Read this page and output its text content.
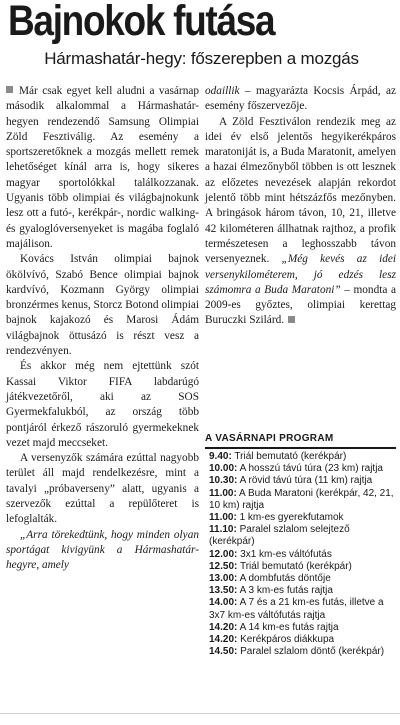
Bajnokok futása
Hármashatár-hegy: főszerepben a mozgás

Már csak egyet kell aludni a vasárnap második alkalommal a Hármashatár-hegyen rendezendő Samsung Olimpiai Zöld Fesztiválig. Az esemény a sportszeretőknek a mozgás mellett remek lehetőséget kínál arra is, hogy sikeres magyar sportolókkal találkozzanak. Ugyanis több olimpiai és világbajnokunk lesz ott a futó-, kerékpár-, nordic walking- és gyaloglóversenyeket is magába foglaló majálison.

Kovács István olimpiai bajnok ökölvívó, Szabó Bence olimpiai bajnok kardvívó, Kozmann György olimpiai bronzérmes kenus, Storcz Botond olimpiai bajnok kajakozó és Marosi Ádám világbajnok öttusázó is részt vesz a rendezvényen.

És akkor még nem ejtettünk szót Kassai Viktor FIFA labdarúgó játékvezetőről, aki az SOS Gyermekfalukból, az ország több pontjáról érkező rászoruló gyermekeknek vezet majd meccseket.

A versenyzők számára ezúttal nagyobb terület áll majd rendelkezésre, mint a tavalyi „próbaverseny” alatt, ugyanis a szervezők ezúttal a repülőteret is lefoglalták.

„Arra törekedtünk, hogy minden olyan sportágat kivigyünk a Hármashatár-hegyre, amely

odaillik – magyarázta Kocsis Árpád, az esemény főszervezője.

A Zöld Fesztiválon rendezik meg az idei év első jelentős hegyikerékpáros maratoniját is, a Buda Maratonit, amelyen a hazai élmezőnyből többen is ott lesznek az előzetes nevezések alapján rekordot jelentő több mint hétszázfős mezőnyben. A bringások három távon, 10, 21, illetve 42 kilométeren állhatnak rajthoz, a profik természetesen a leghosszabb távon versenyeznek. „Még kevés az idei versenykilométerem, jó edzés lesz számomra a Buda Maratoni” – mondta a 2009-es győztes, olimpiai kerettag Buruczki Szilárd.

A VASÁRNAPI PROGRAM
9.40: Triál bemutató (kerékpár)
10.00: A hosszú távú túra (23 km) rajtja
10.30: A rövid távú túra (11 km) rajtja
11.00: A Buda Maratoni (kerékpár, 42, 21, 10 km) rajtja
11.00: 1 km-es gyerekfutamok
11.10: Paralel szlalom selejtező (kerékpár)
12.00: 3x1 km-es váltófutás
12.50: Triál bemutató (kerékpár)
13.00: A dombfutás döntője
13.50: A 3 km-es futás rajtja
14.00: A 7 és a 21 km-es futás, illetve a 3x7 km-es váltófutás rajtja
14.20: A 14 km-es futás rajtja
14.20: Kerékpáros diákkupa
14.50: Paralel szlalom döntő (kerékpár)
